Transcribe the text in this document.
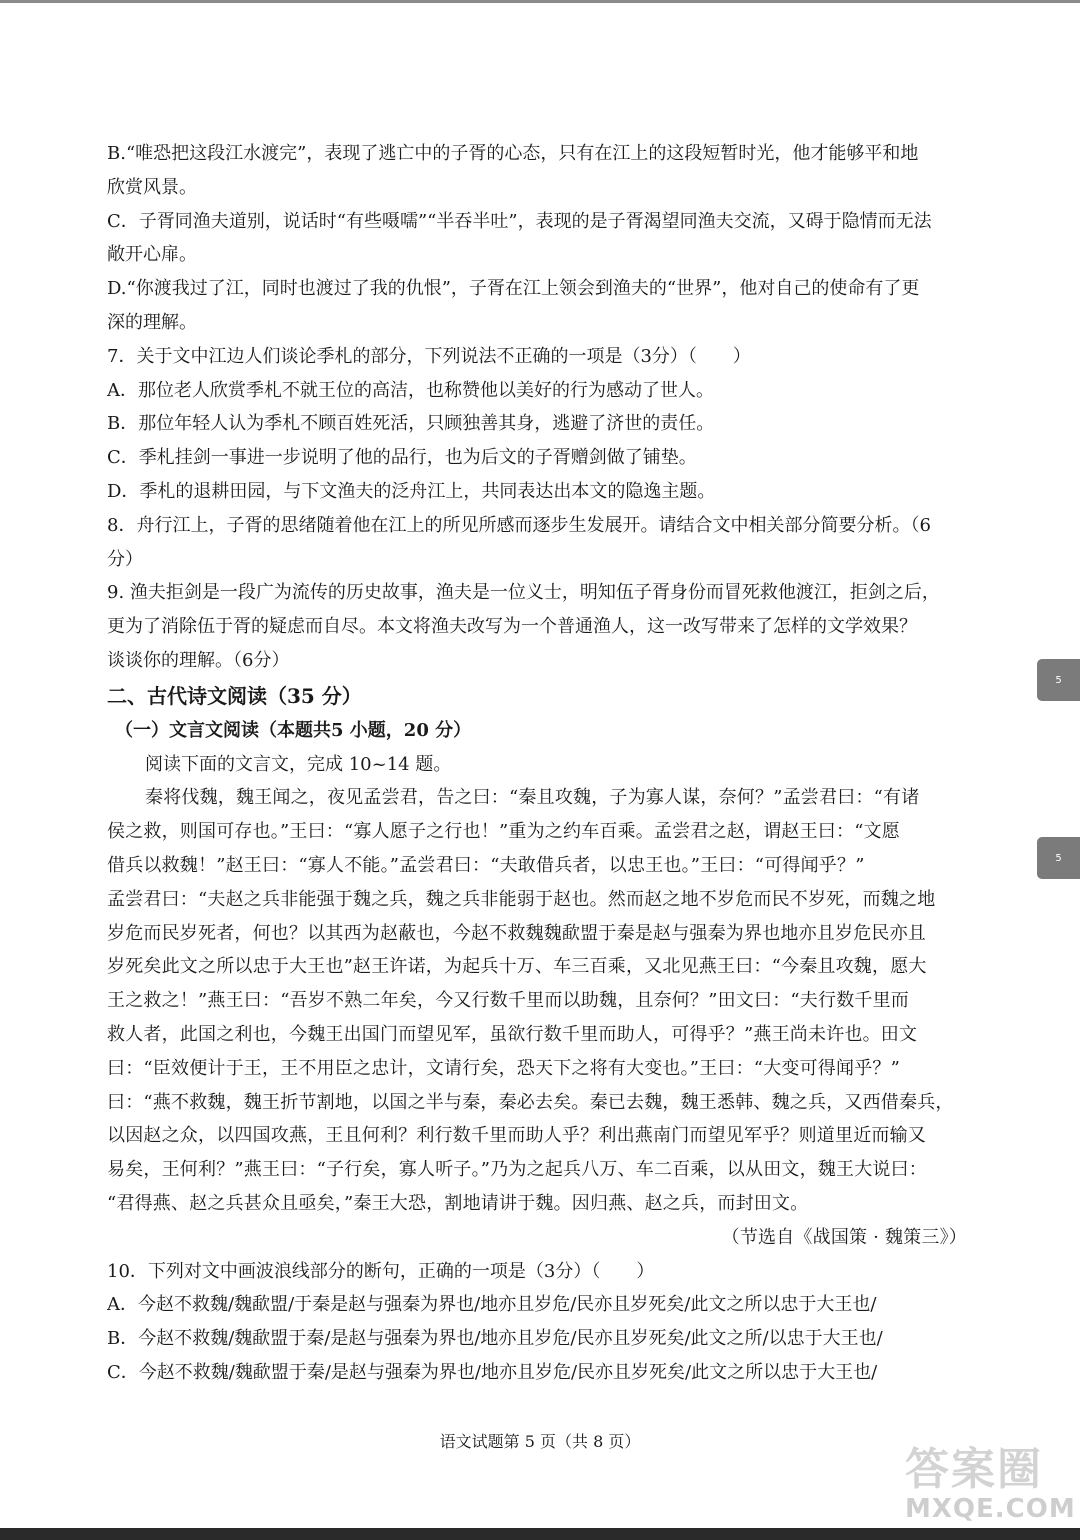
B.“唯恐把这段江水渡完”，表现了逃亡中的子胥的心态，只有在江上的这段短暂时光，他才能够平和地

欣赏风景。

C．子胥同渔夫道别，说话时“有些嗫嚅”“半吞半吐”，表现的是子胥渴望同渔夫交流，又碍于隐情而无法

敞开心扉。

D.“你渡我过了江，同时也渡过了我的仇恨”，子胥在江上领会到渔夫的“世界”，他对自己的使命有了更

深的理解。

7．关于文中江边人们谈论季札的部分，下列说法不正确的一项是（3分）（　　）

A．那位老人欣赏季札不就王位的高洁，也称赞他以美好的行为感动了世人。

B．那位年轻人认为季札不顾百姓死活，只顾独善其身，逃避了济世的责任。

C．季札挂剑一事进一步说明了他的品行，也为后文的子胥赠剑做了铺垫。

D．季札的退耕田园，与下文渔夫的泛舟江上，共同表达出本文的隐逸主题。

8．舟行江上，子胥的思绪随着他在江上的所见所感而逐步生发展开。请结合文中相关部分简要分析。（6

分）

9. 渔夫拒剑是一段广为流传的历史故事，渔夫是一位义士，明知伍子胥身份而冒死救他渡江，拒剑之后，

更为了消除伍于胥的疑虑而自尽。本文将渔夫改写为一个普通渔人，这一改写带来了怎样的文学效果？

谈谈你的理解。（6分）

二、古代诗文阅读（35 分）

（一）文言文阅读（本题共5 小题，20 分）

阅读下面的文言文，完成 10~14 题。

秦将伐魏，魏王闻之，夜见孟尝君，告之曰：“秦且攻魏，子为寡人谋，奈何？”孟尝君曰：“有诸

侯之救，则国可存也。”王曰：“寡人愿子之行也！”重为之约车百乘。孟尝君之赵，谓赵王曰：“文愿

借兵以救魏！”赵王曰：“寡人不能。”孟尝君曰：“夫敢借兵者，以忠王也。”王曰：“可得闻乎？”

孟尝君曰：“夫赵之兵非能强于魏之兵，魏之兵非能弱于赵也。然而赵之地不岁危而民不岁死，而魏之地

岁危而民岁死者，何也？以其西为赵蔽也，今赵不救魏魏歃盟于秦是赵与强秦为界也地亦且岁危民亦且

岁死矣此文之所以忠于大王也”赵王许诺，为起兵十万、车三百乘，又北见燕王曰：“今秦且攻魏，愿大

王之救之！”燕王曰：“吾岁不熟二年矣，今又行数千里而以助魏，且奈何？”田文曰：“夫行数千里而

救人者，此国之利也，今魏王出国门而望见军，虽欲行数千里而助人，可得乎？”燕王尚未许也。田文

曰：“臣效便计于王，王不用臣之忠计，文请行矣，恐天下之将有大变也。”王曰：“大变可得闻乎？”

曰：“燕不救魏，魏王折节割地，以国之半与秦，秦必去矣。秦已去魏，魏王悉韩、魏之兵，又西借秦兵，

以因赵之众，以四国攻燕，王且何利？利行数千里而助人乎？利出燕南门而望见军乎？则道里近而输又

易矣，王何利？”燕王曰：“子行矣，寡人听子。”乃为之起兵八万、车二百乘，以从田文，魏王大说曰：

“君得燕、赵之兵甚众且亟矣，”秦王大恐，割地请讲于魏。因归燕、赵之兵，而封田文。

（节选自《战国策 · 魏策三》）

10．下列对文中画波浪线部分的断句，正确的一项是（3分）（　　）

A．今赵不救魏/魏歃盟/于秦是赵与强秦为界也/地亦且岁危/民亦且岁死矣/此文之所以忠于大王也/

B．今赵不救魏/魏歃盟于秦/是赵与强秦为界也/地亦且岁危/民亦且岁死矣/此文之所/以忠于大王也/

C．今赵不救魏/魏歃盟于秦/是赵与强秦为界也/地亦且岁危/民亦且岁死矣/此文之所以忠于大王也/

语文试题第 5 页（共 8 页）
5
5
答案圈
MXQE.COM
